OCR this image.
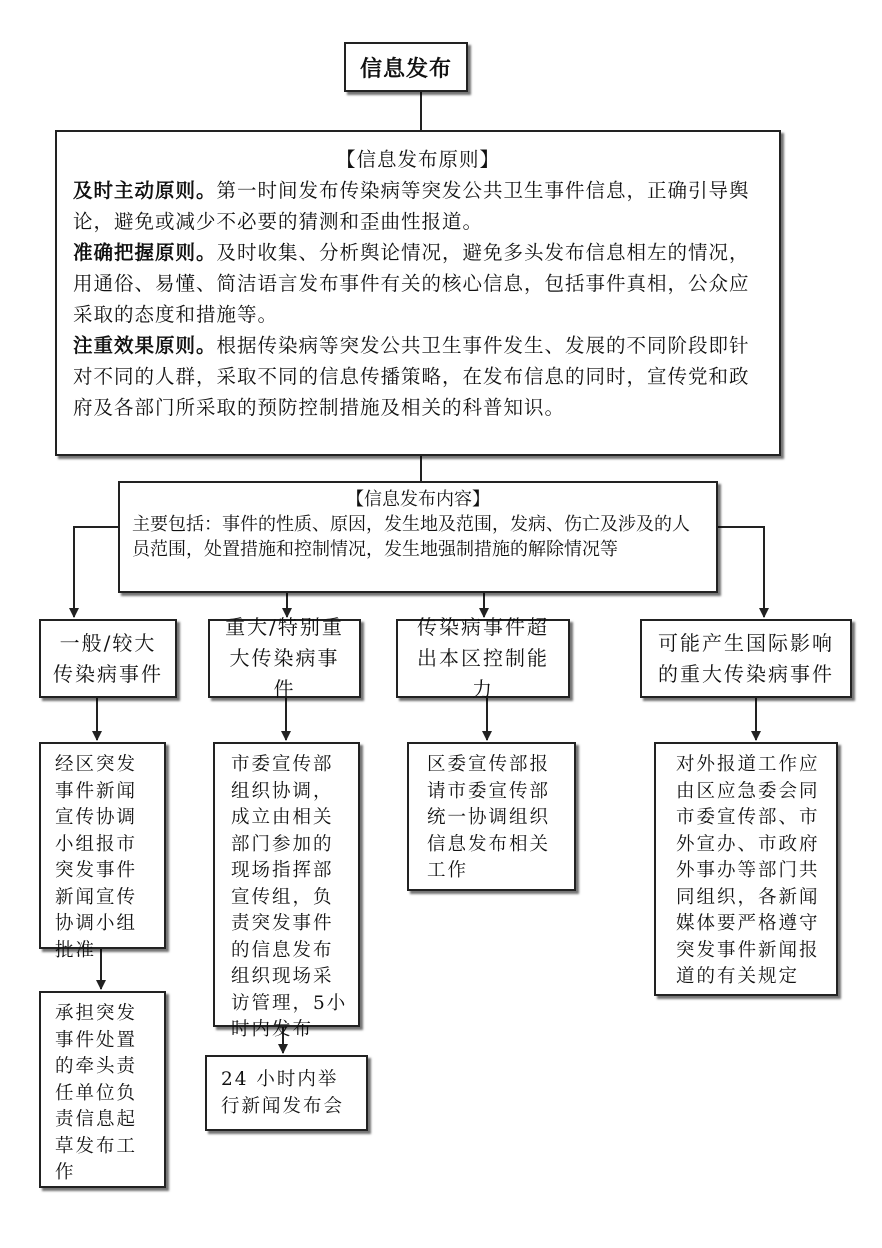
信息发布
【信息发布原则】

及时主动原则。第一时间发布传染病等突发公共卫生事件信息，正确引导舆论，避免或减少不必要的猜测和歪曲性报道。

准确把握原则。及时收集、分析舆论情况，避免多头发布信息相左的情况，用通俗、易懂、简洁语言发布事件有关的核心信息，包括事件真相，公众应采取的态度和措施等。

注重效果原则。根据传染病等突发公共卫生事件发生、发展的不同阶段即针对不同的人群，采取不同的信息传播策略，在发布信息的同时，宣传党和政府及各部门所采取的预防控制措施及相关的科普知识。

【信息发布内容】

主要包括：事件的性质、原因，发生地及范围，发病、伤亡及涉及的人员范围，处置措施和控制情况，发生地强制措施的解除情况等

一般/较大传染病事件
重大/特别重大传染病事件
传染病事件超出本区控制能力
可能产生国际影响的重大传染病事件
经区突发事件新闻宣传协调小组报市突发事件新闻宣传协调小组批准
承担突发事件处置的牵头责任单位负责信息起草发布工作
市委宣传部组织协调，成立由相关部门参加的现场指挥部宣传组，负责突发事件的信息发布组织现场采访管理，5小时内发布
24 小时内举行新闻发布会
区委宣传部报请市委宣传部统一协调组织信息发布相关工作
对外报道工作应由区应急委会同市委宣传部、市外宣办、市政府外事办等部门共同组织，各新闻媒体要严格遵守突发事件新闻报道的有关规定
